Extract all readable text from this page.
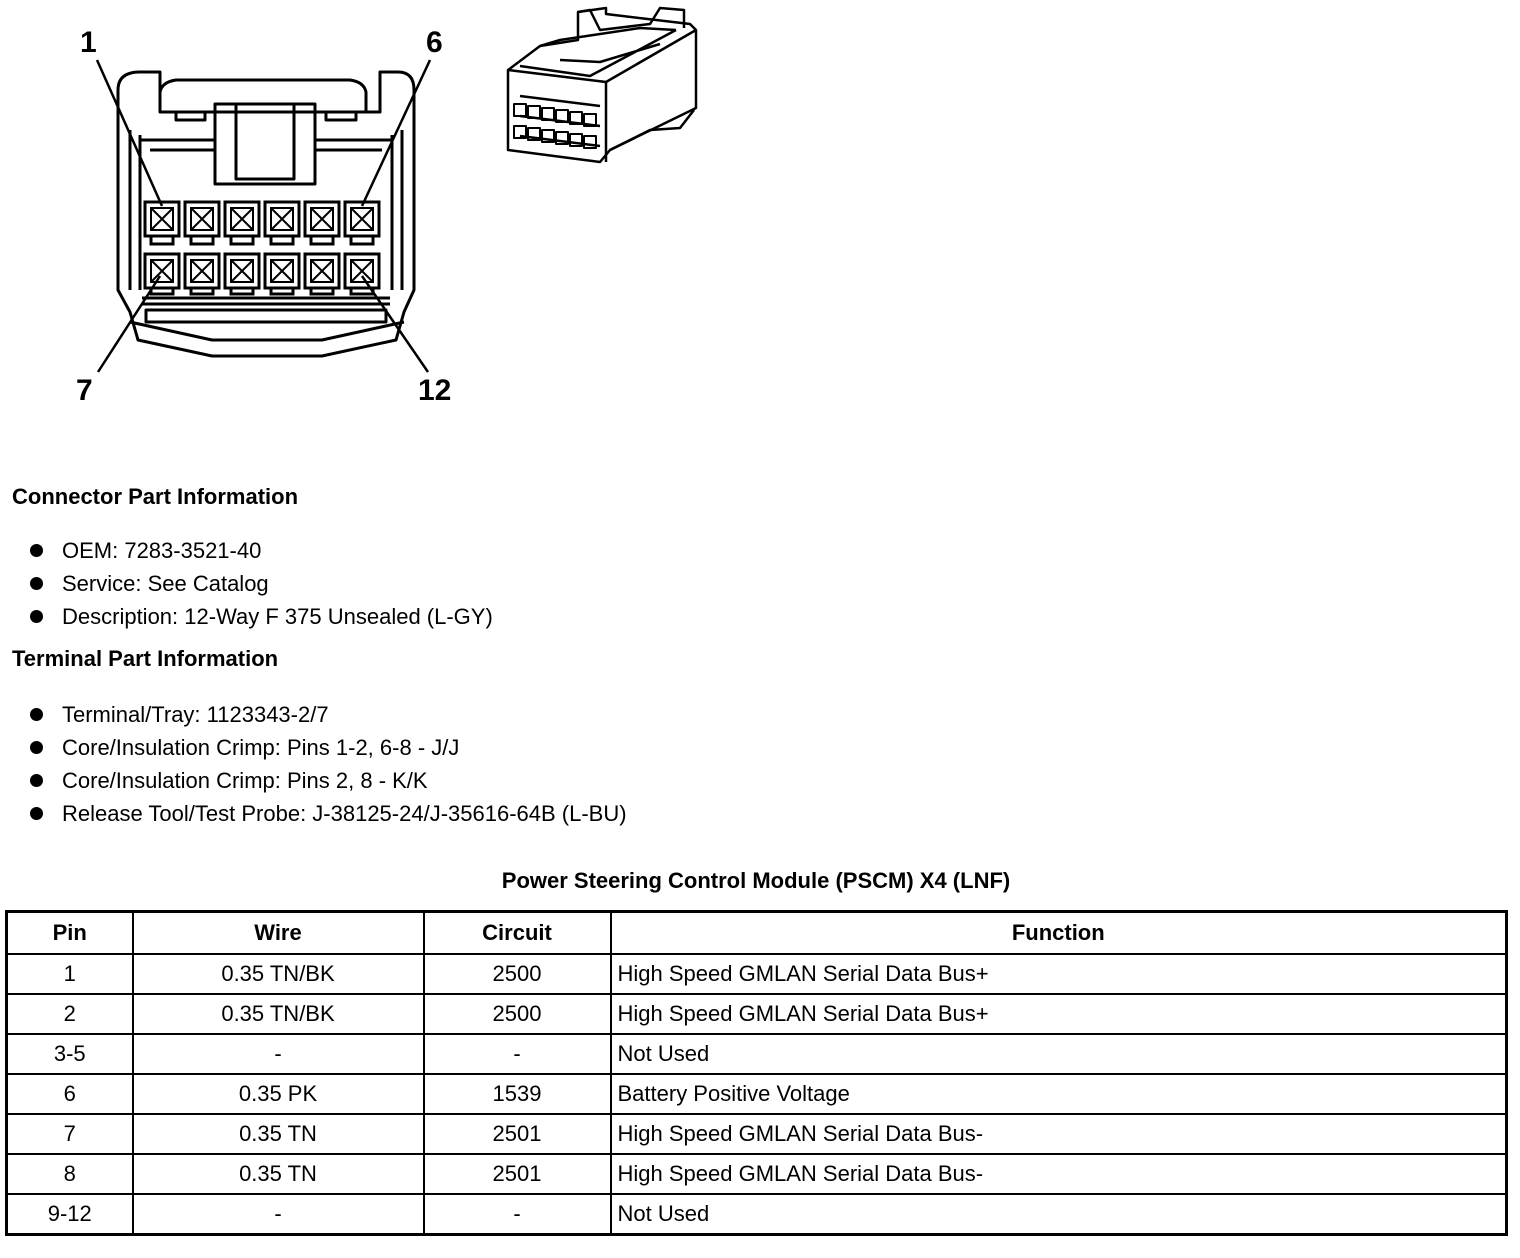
1	6
7	12
Connector Part Information
OEM: 7283-3521-40
Service: See Catalog
Description: 12-Way F 375 Unsealed (L-GY)
Terminal Part Information
Terminal/Tray: 1123343-2/7
Core/Insulation Crimp: Pins 1-2, 6-8 - J/J
Core/Insulation Crimp: Pins 2, 8 - K/K
Release Tool/Test Probe: J-38125-24/J-35616-64B (L-BU)
Power Steering Control Module (PSCM) X4 (LNF)
Pin	Wire	Circuit	Function
1	0.35 TN/BK	2500	High Speed GMLAN Serial Data Bus+
2	0.35 TN/BK	2500	High Speed GMLAN Serial Data Bus+
3-5	-	-	Not Used
6	0.35 PK	1539	Battery Positive Voltage
7	0.35 TN	2501	High Speed GMLAN Serial Data Bus-
8	0.35 TN	2501	High Speed GMLAN Serial Data Bus-
9-12	-	-	Not Used
